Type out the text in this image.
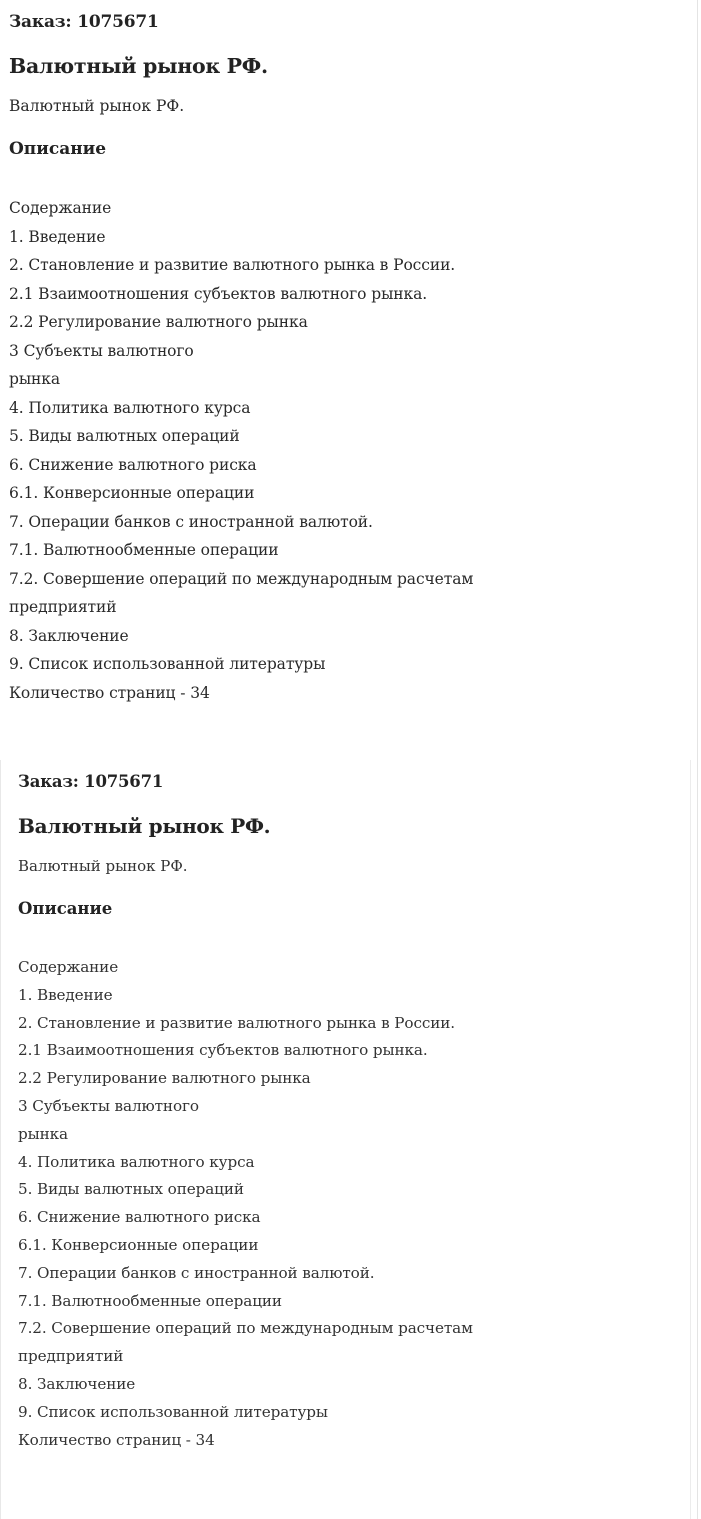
Заказ: 1075671

Валютный рынок РФ.

Валютный рынок РФ.

Описание
Содержание
1. Введение
2. Становление и развитие валютного рынка в России.
2.1 Взаимоотношения субъектов валютного рынка.
2.2 Регулирование валютного рынка
3 Субъекты валютного
рынка
4. Политика валютного курса
5. Виды валютных операций
6. Снижение валютного риска
6.1. Конверсионные операции
7. Операции банков с иностранной валютой.
7.1. Валютнообменные операции
7.2. Совершение операций по международным расчетам
предприятий
8. Заключение
9. Список использованной литературы
Количество страниц - 34

Заказ: 1075671

Валютный рынок РФ.

Валютный рынок РФ.

Описание
Содержание
1. Введение
2. Становление и развитие валютного рынка в России.
2.1 Взаимоотношения субъектов валютного рынка.
2.2 Регулирование валютного рынка
3 Субъекты валютного
рынка
4. Политика валютного курса
5. Виды валютных операций
6. Снижение валютного риска
6.1. Конверсионные операции
7. Операции банков с иностранной валютой.
7.1. Валютнообменные операции
7.2. Совершение операций по международным расчетам
предприятий
8. Заключение
9. Список использованной литературы
Количество страниц - 34
